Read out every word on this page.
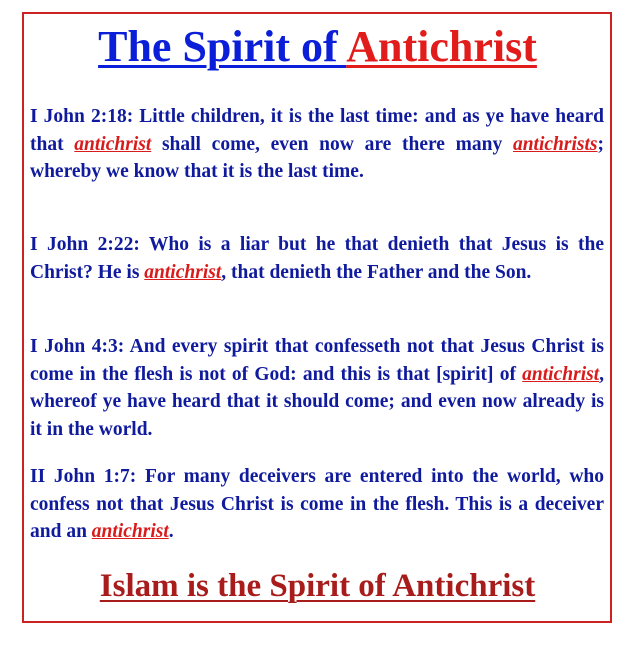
The Spirit of Antichrist

I John 2:18: Little children, it is the last time: and as ye have heard that antichrist shall come, even now are there many antichrists; whereby we know that it is the last time.

I John 2:22: Who is a liar but he that denieth that Jesus is the Christ? He is antichrist, that denieth the Father and the Son.

I John 4:3: And every spirit that confesseth not that Jesus Christ is come in the flesh is not of God: and this is that [spirit] of antichrist, whereof ye have heard that it should come; and even now already is it in the world.

II John 1:7: For many deceivers are entered into the world, who confess not that Jesus Christ is come in the flesh. This is a deceiver and an antichrist.

Islam is the Spirit of Antichrist
